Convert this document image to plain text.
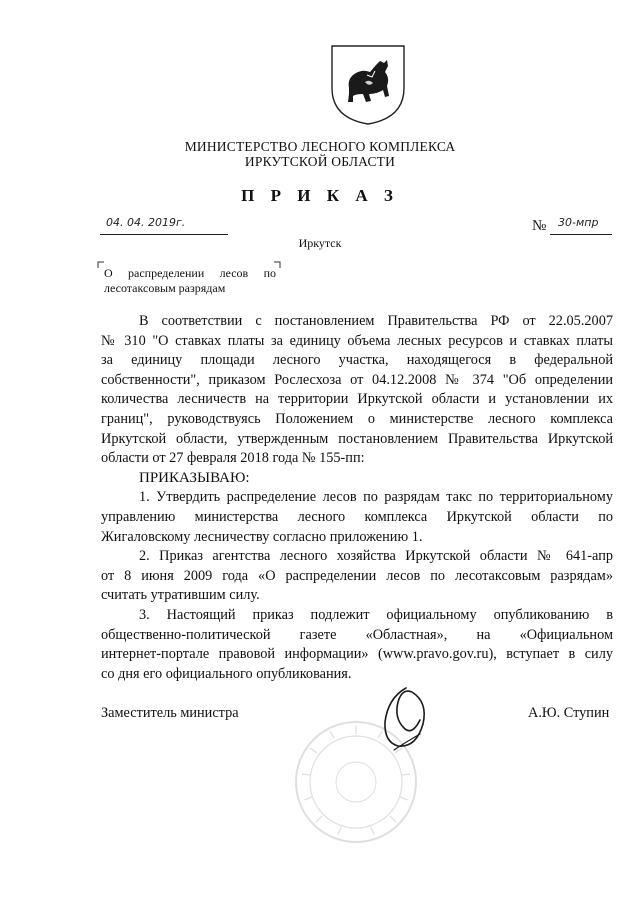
МИНИСТЕРСТВО ЛЕСНОГО КОМПЛЕКСА
ИРКУТСКОЙ ОБЛАСТИ
П Р И К А З
04. 04. 2019г.	№ 30-мпр
Иркутск
О распределении лесов по
лесотаксовым разрядам
В соответствии с постановлением Правительства РФ от 22.05.2007
№ 310 "О ставках платы за единицу объема лесных ресурсов и ставках платы
за единицу площади лесного участка, находящегося в федеральной
собственности", приказом Рослесхоза от 04.12.2008 № 374 "Об определении
количества лесничеств на территории Иркутской области и установлении их
границ", руководствуясь Положением о министерстве лесного комплекса
Иркутской области, утвержденным постановлением Правительства Иркутской
области от 27 февраля 2018 года № 155-пп:
ПРИКАЗЫВАЮ:
1. Утвердить распределение лесов по разрядам такс по территориальному
управлению министерства лесного комплекса Иркутской области по
Жигаловскому лесничеству согласно приложению 1.
2. Приказ агентства лесного хозяйства Иркутской области № 641-апр
от 8 июня 2009 года «О распределении лесов по лесотаксовым разрядам»
считать утратившим силу.
3. Настоящий приказ подлежит официальному опубликованию в
общественно-политической газете «Областная», на «Официальном
интернет-портале правовой информации» (www.pravo.gov.ru), вступает в силу
со дня его официального опубликования.
Заместитель министра	А.Ю. Ступин
